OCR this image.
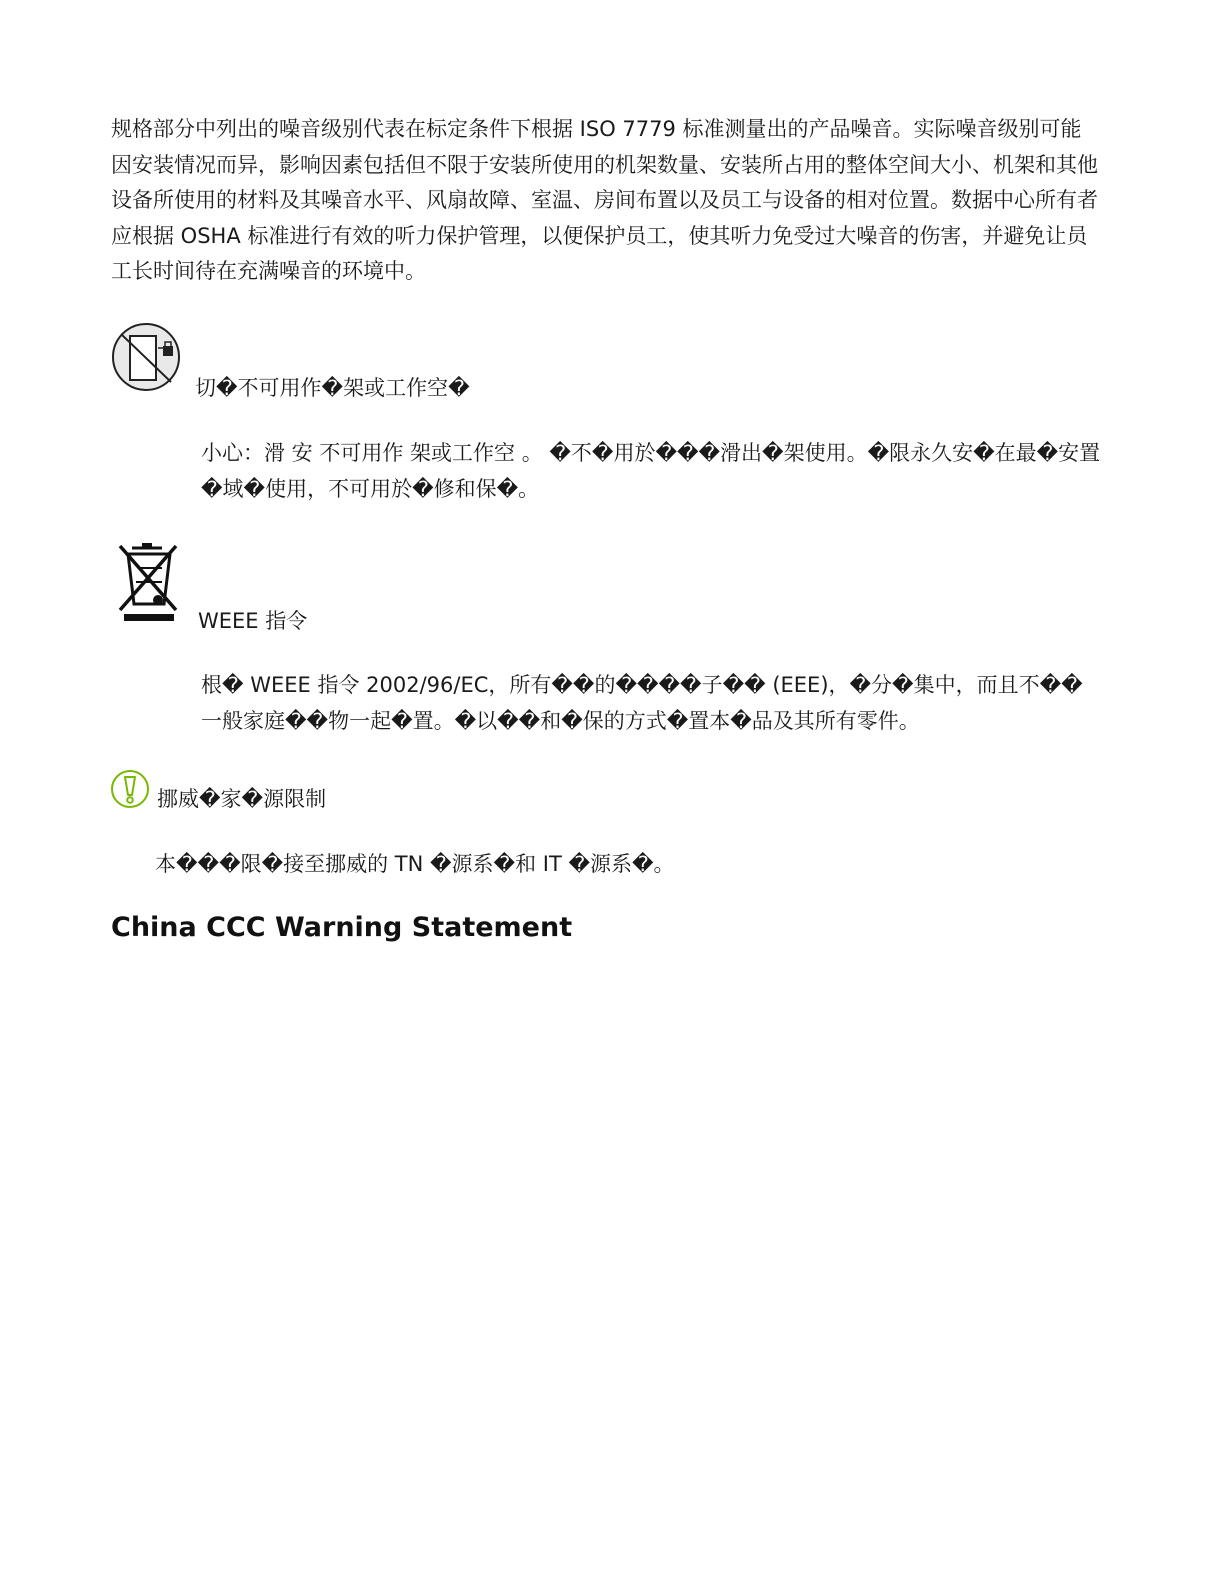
规格部分中列出的噪音级别代表在标定条件下根据 ISO 7779 标准测量出的产品噪音。实际噪音级别可能因安装情况而异，影响因素包括但不限于安装所使用的机架数量、安装所占用的整体空间大小、机架和其他设备所使用的材料及其噪音水平、风扇故障、室温、房间布置以及员工与设备的相对位置。数据中心所有者应根据 OSHA 标准进行有效的听力保护管理，以便保护员工，使其听力免受过大噪音的伤害，并避免让员工长时间待在充满噪音的环境中。

切�不可用作�架或工作空�

小心：滑 安 不可用作 架或工作空 。 �不�用於���滑出�架使用。�限永久安�在最�安置�域�使用，不可用於�修和保�。

WEEE 指令

根� WEEE 指令 2002/96/EC，所有��的����子�� (EEE)，�分�集中，而且不��一般家庭��物一起�置。�以��和�保的方式�置本�品及其所有零件。

挪威�家�源限制

本���限�接至挪威的 TN �源系�和 IT �源系�。

China CCC Warning Statement
